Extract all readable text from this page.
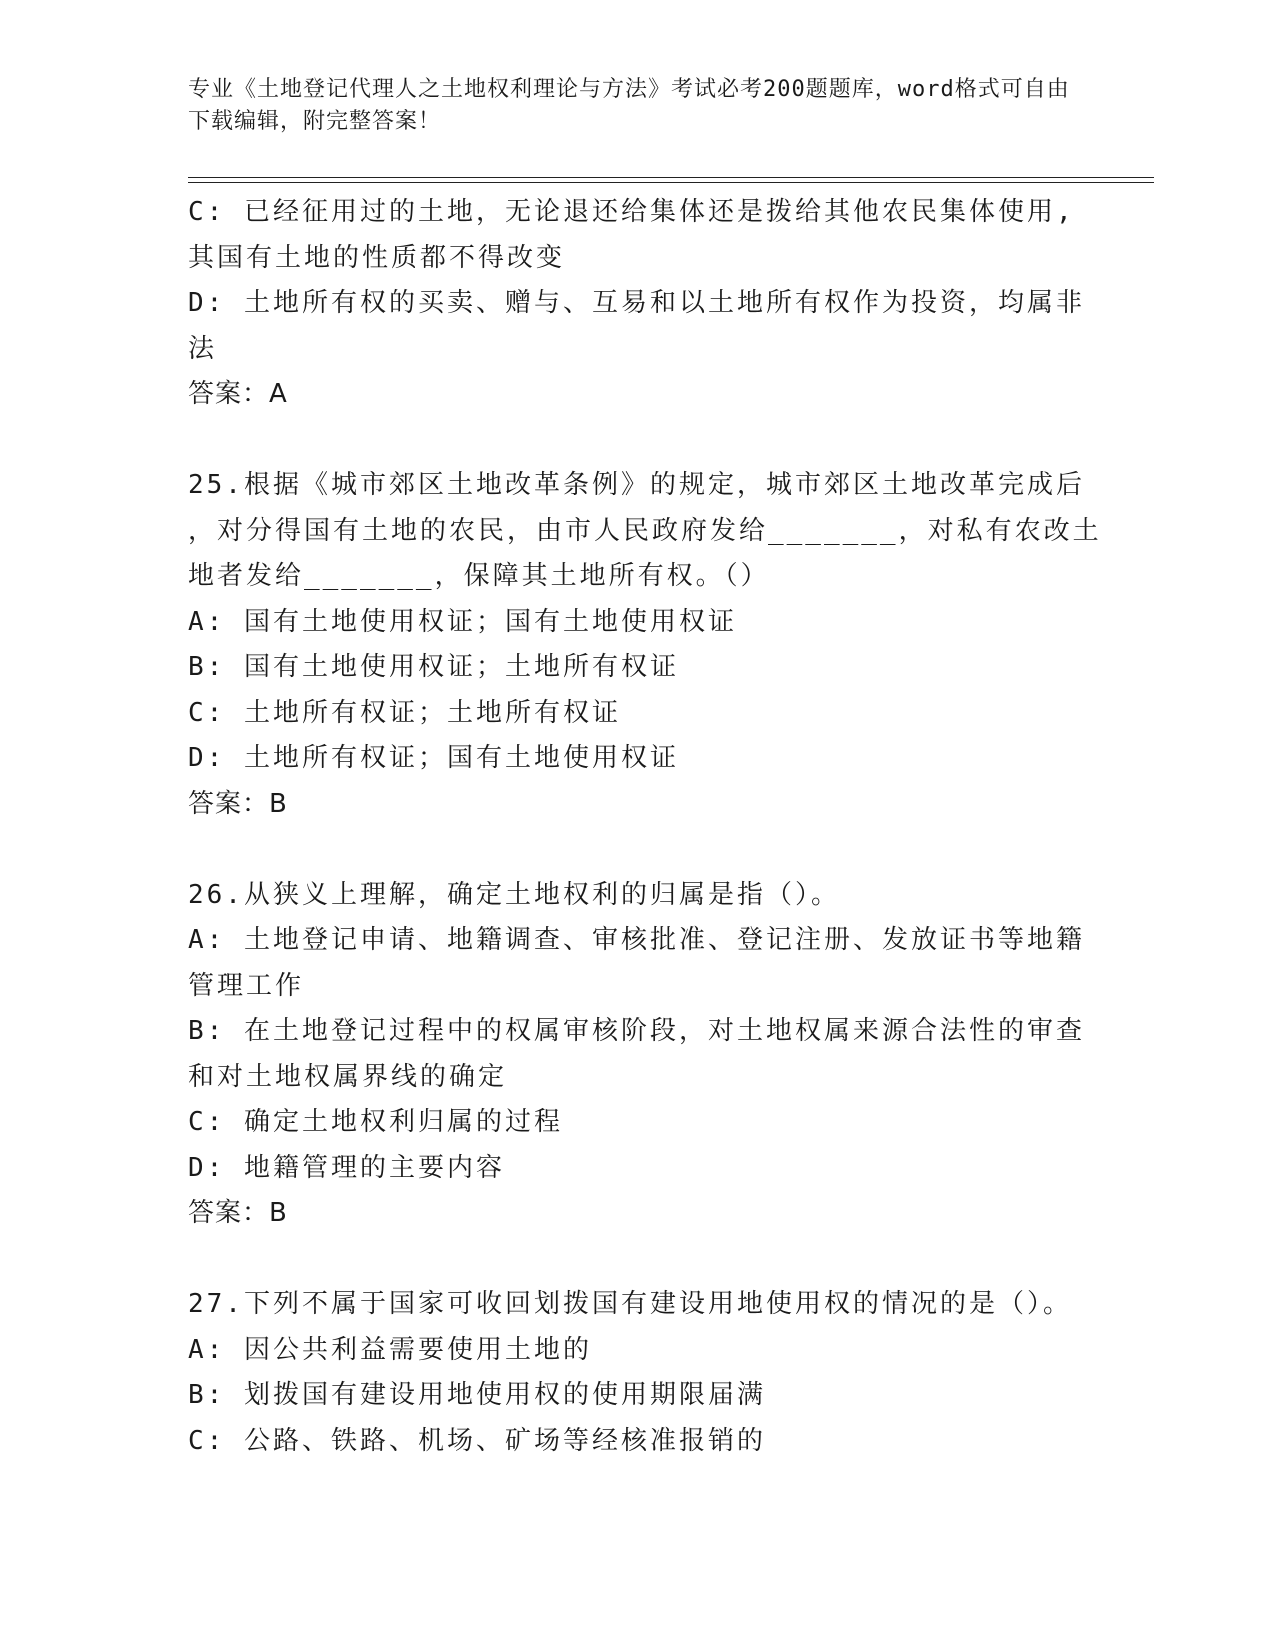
专业《土地登记代理人之土地权利理论与方法》考试必考200题题库，word格式可自由下载编辑，附完整答案！
C: 已经征用过的土地，无论退还给集体还是拨给其他农民集体使用,
其国有土地的性质都不得改变
D: 土地所有权的买卖、赠与、互易和以土地所有权作为投资，均属非
法
答案：A
25.根据《城市郊区土地改革条例》的规定，城市郊区土地改革完成后
，对分得国有土地的农民，由市人民政府发给_______，对私有农改土
地者发给_______，保障其土地所有权。（）
A: 国有土地使用权证；国有土地使用权证
B: 国有土地使用权证；土地所有权证
C: 土地所有权证；土地所有权证
D: 土地所有权证；国有土地使用权证
答案：B
26.从狭义上理解，确定土地权利的归属是指（）。
A: 土地登记申请、地籍调查、审核批准、登记注册、发放证书等地籍
管理工作
B: 在土地登记过程中的权属审核阶段，对土地权属来源合法性的审查
和对土地权属界线的确定
C: 确定土地权利归属的过程
D: 地籍管理的主要内容
答案：B
27.下列不属于国家可收回划拨国有建设用地使用权的情况的是（）。
A: 因公共利益需要使用土地的
B: 划拨国有建设用地使用权的使用期限届满
C: 公路、铁路、机场、矿场等经核准报销的
